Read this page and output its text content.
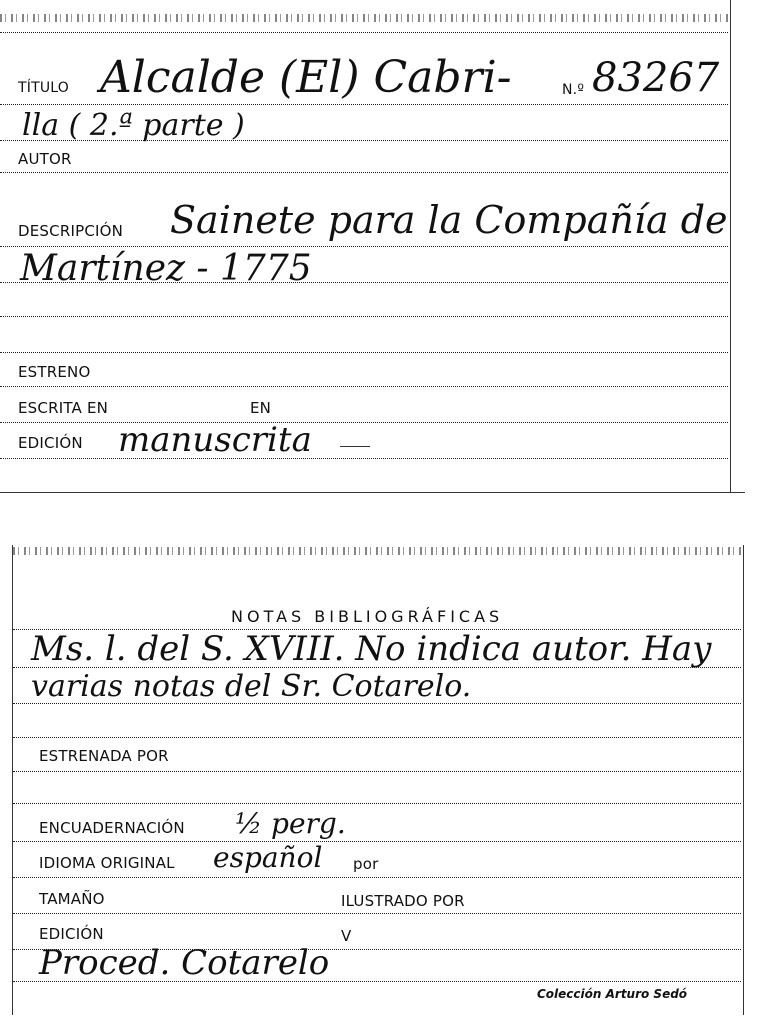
TÍTULO Alcalde (El) Cabri-	N.º 83267
lla ( 2.ª parte )
AUTOR
DESCRIPCIÓN Sainete para la Compañía de
Martínez - 1775
ESTRENO
ESCRITA EN	EN
EDICIÓN manuscrita
NOTAS BIBLIOGRÁFICAS
Ms. l. del S. XVIII. No indica autor. Hay
varias notas del Sr. Cotarelo.
ESTRENADA POR
ENCUADERNACIÓN ½ perg.
IDIOMA ORIGINAL español por
TAMAÑO	ILUSTRADO POR
EDICIÓN	V
Proced. Cotarelo
Colección Arturo Sedó
